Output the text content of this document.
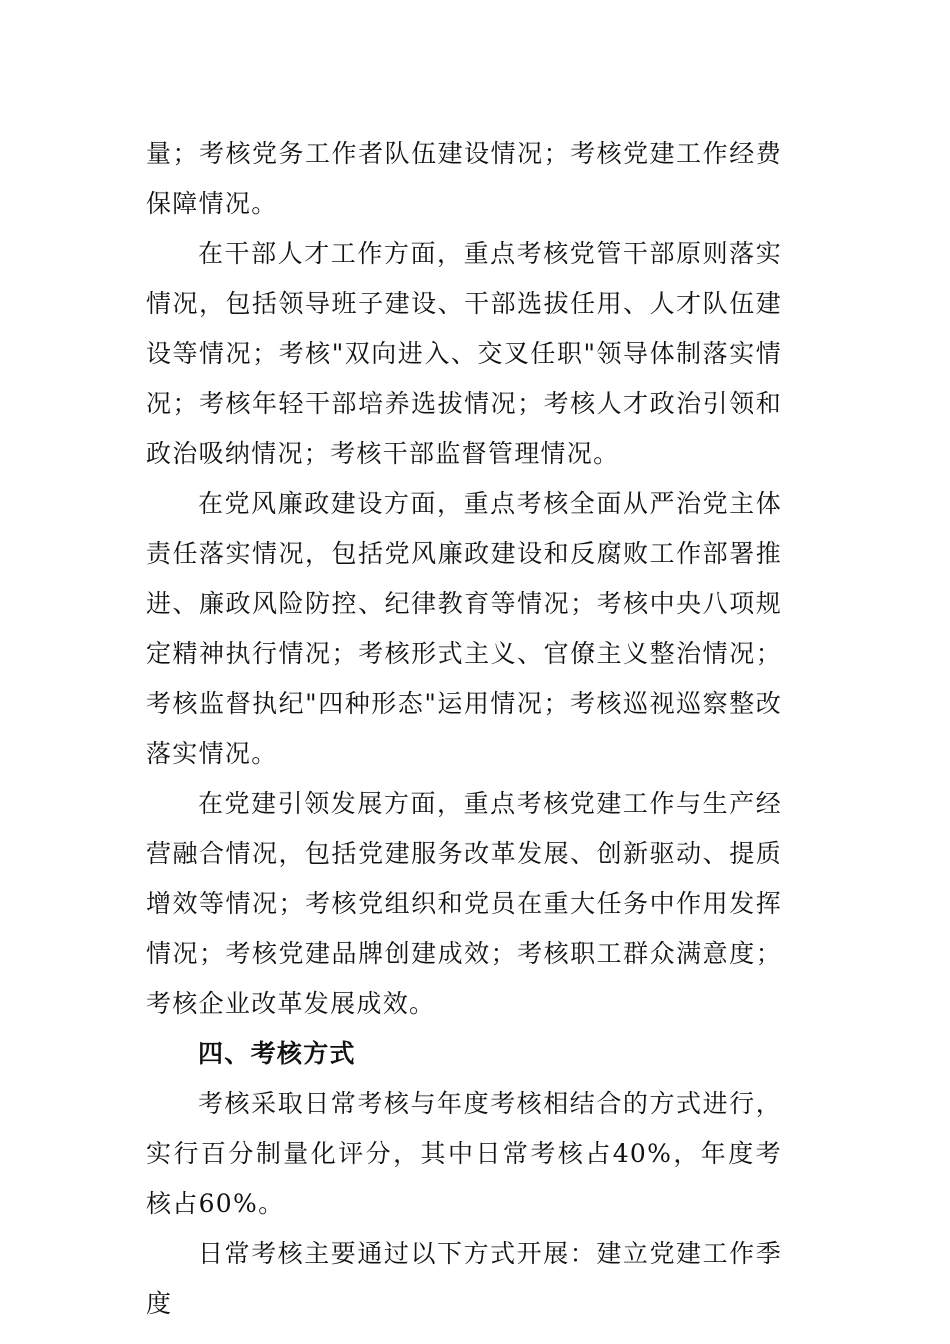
量；考核党务工作者队伍建设情况；考核党建工作经费保障情况。

在干部人才工作方面，重点考核党管干部原则落实情况，包括领导班子建设、干部选拔任用、人才队伍建设等情况；考核"双向进入、交叉任职"领导体制落实情况；考核年轻干部培养选拔情况；考核人才政治引领和政治吸纳情况；考核干部监督管理情况。

在党风廉政建设方面，重点考核全面从严治党主体责任落实情况，包括党风廉政建设和反腐败工作部署推进、廉政风险防控、纪律教育等情况；考核中央八项规定精神执行情况；考核形式主义、官僚主义整治情况；考核监督执纪"四种形态"运用情况；考核巡视巡察整改落实情况。

在党建引领发展方面，重点考核党建工作与生产经营融合情况，包括党建服务改革发展、创新驱动、提质增效等情况；考核党组织和党员在重大任务中作用发挥情况；考核党建品牌创建成效；考核职工群众满意度；考核企业改革发展成效。

四、考核方式

考核采取日常考核与年度考核相结合的方式进行，实行百分制量化评分，其中日常考核占40%，年度考核占60%。

日常考核主要通过以下方式开展：建立党建工作季度
